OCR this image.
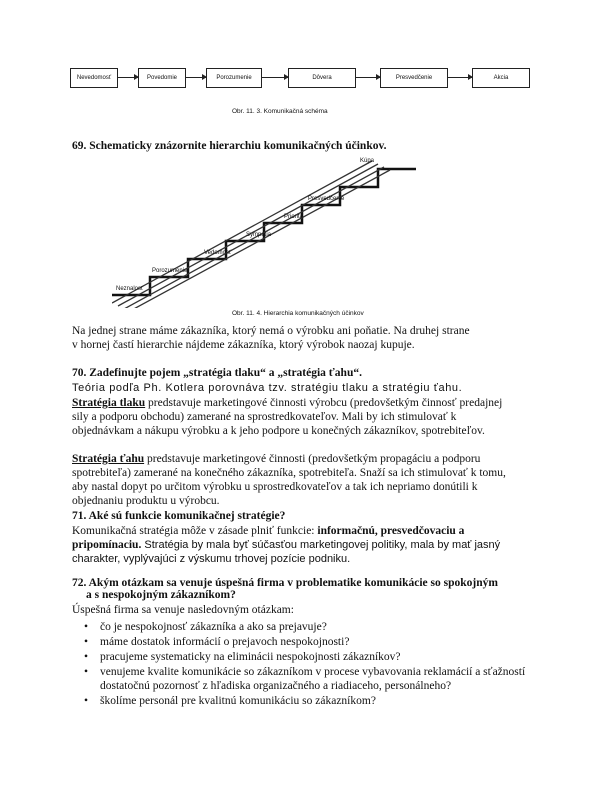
Nevedomosť	Povedomie	Porozumenie	Dôvera	Presvedčenie	Akcia
Obr. 11. 3. Komunikačná schéma
69. Schematicky znázornite hierarchiu komunikačných účinkov.
Neznalosť
Porozumenie
Vedomosť
Sympatia
Priorita
Presvedčenie
Kúpa
Obr. 11. 4. Hierarchia komunikačných účinkov
Na jednej strane máme zákazníka, ktorý nemá o výrobku ani poňatie. Na druhej strane
v hornej častí hierarchie nájdeme zákazníka, ktorý výrobok naozaj kupuje.
70. Zadefinujte pojem „stratégia tlaku“ a „stratégia ťahu“.
Teória podľa Ph. Kotlera porovnáva tzv. stratégiu tlaku a stratégiu ťahu.
Stratégia tlaku predstavuje marketingové činnosti výrobcu (predovšetkým činnosť predajnej
sily a podporu obchodu) zamerané na sprostredkovateľov. Mali by ich stimulovať k
objednávkam a nákupu výrobku a k jeho podpore u konečných zákazníkov, spotrebiteľov.
Stratégia ťahu predstavuje marketingové činnosti (predovšetkým propagáciu a podporu
spotrebiteľa) zamerané na konečného zákazníka, spotrebiteľa. Snaží sa ich stimulovať k tomu,
aby nastal dopyt po určitom výrobku u sprostredkovateľov a tak ich nepriamo donútili k
objednaniu produktu u výrobcu.
71. Aké sú funkcie komunikačnej stratégie?
Komunikačná stratégia môže v zásade plniť funkcie: informačnú, presvedčovaciu a
pripomínaciu. Stratégia by mala byť súčasťou marketingovej politiky, mala by mať jasný
charakter, vyplývajúci z výskumu trhovej pozície podniku.
72. Akým otázkam sa venuje úspešná firma v problematike komunikácie so spokojným
a s nespokojným zákazníkom?
Úspešná firma sa venuje nasledovným otázkam:
• čo je nespokojnosť zákazníka a ako sa prejavuje?
• máme dostatok informácií o prejavoch nespokojnosti?
• pracujeme systematicky na eliminácii nespokojnosti zákazníkov?
• venujeme kvalite komunikácie so zákazníkom v procese vybavovania reklamácií a sťažností dostatočnú pozornosť z hľadiska organizačného a riadiaceho, personálneho?
• školíme personál pre kvalitnú komunikáciu so zákazníkom?
